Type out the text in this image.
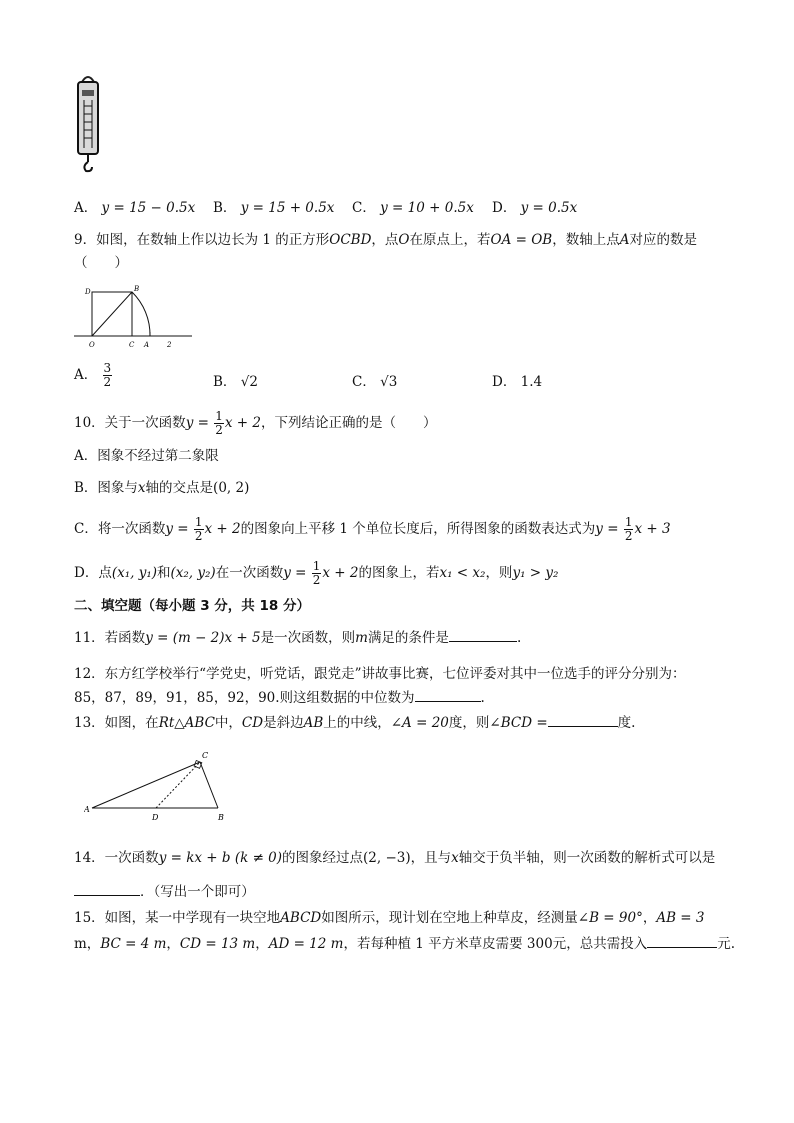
A． y = 15 − 0.5x B． y = 15 + 0.5x C． y = 10 + 0.5x D． y = 0.5x
9．如图，在数轴上作以边长为 1 的正方形OCBD，点O在原点上，若OA = OB，数轴上点A对应的数是
（　　）
D	B
O	C A	2
A． $\frac{3}{2}$	B． √2	C． √3	D． 1.4
10．关于一次函数$y = \frac{1}{2}$ x + 2，下列结论正确的是（　　）
A．图象不经过第二象限
B．图象与x轴的交点是(0, 2)
C．将一次函数$y = \frac{1}{2}$ x + 2的图象向上平移 1 个单位长度后，所得图象的函数表达式为$y = \frac{1}{2}$ x + 3
D．点(x₁, y₁)和(x₂, y₂)在一次函数$y = \frac{1}{2}$ x + 2的图象上，若x₁ < x₂，则y₁ > y₂
二、填空题（每小题 3 分，共 18 分）
11．若函数y = (m − 2)x + 5是一次函数，则m满足的条件是	.
12．东方红学校举行“学党史，听党话，跟党走”讲故事比赛，七位评委对其中一位选手的评分分别为：
85，87，89，91，85，92，90.则这组数据的中位数为	.
13．如图，在Rt△ABC中，CD是斜边AB上的中线，∠A = 20度，则∠BCD =	度.
A
B
C
D
14．一次函数y = kx + b (k ≠ 0)的图象经过点(2, −3)，且与x轴交于负半轴，则一次函数的解析式可以是
．（写出一个即可）
15．如图，某一中学现有一块空地ABCD如图所示，现计划在空地上种草皮，经测量∠B = 90°，AB = 3
m，BC = 4 m，CD = 13 m，AD = 12 m，若每种植 1 平方米草皮需要 300元，总共需投入	元.
